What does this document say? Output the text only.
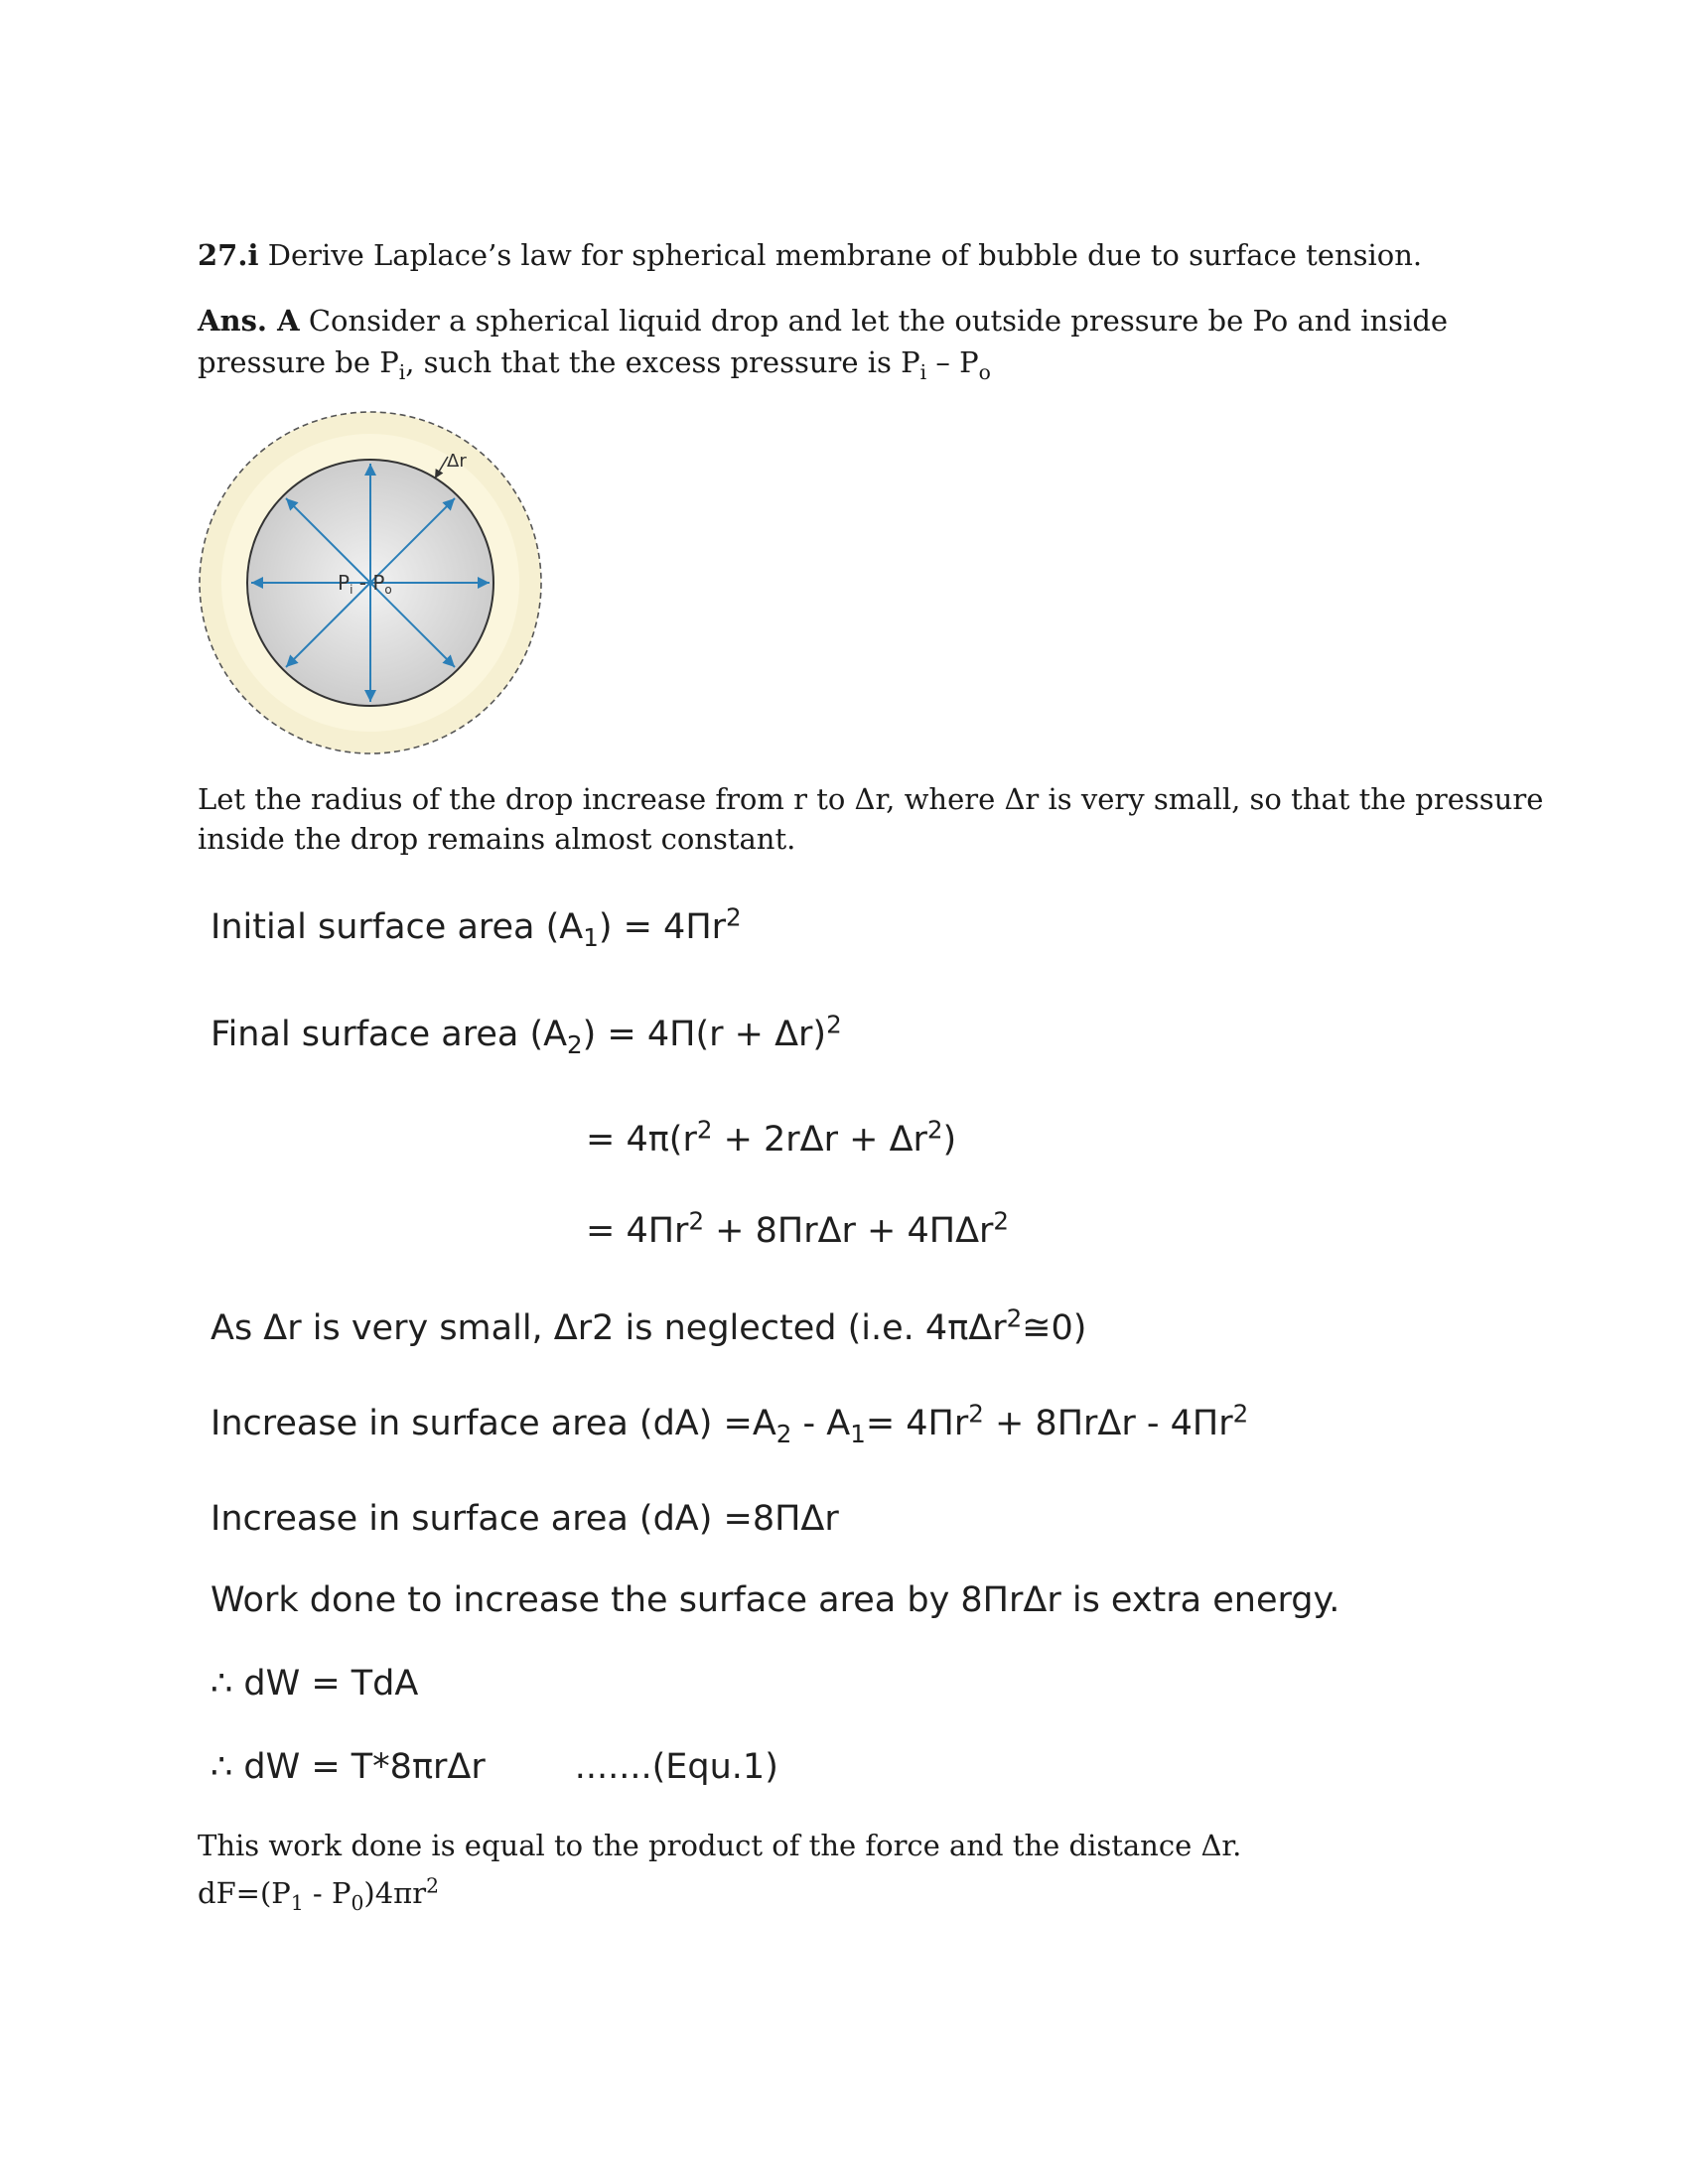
27.i Derive Laplace’s law for spherical membrane of bubble due to surface tension.
Ans. A Consider a spherical liquid drop and let the outside pressure be Po and inside
pressure be $P_i$, such that the excess pressure is $P_i - P_o$
Δr
$P_i - P_o$
Let the radius of the drop increase from r to Δr, where Δr is very small, so that the pressure
inside the drop remains almost constant.
Initial surface area $(A_1) = 4\Pi r^2$
Final surface area $(A_2) = 4\Pi(r + \Delta r)^2$
= $4\pi(r^2 + 2r\Delta r + \Delta r^2)$
= $4\Pi r^2 + 8\Pi r\Delta r + 4\Pi\Delta r^2$
As Δr is very small, Δr2 is neglected (i.e. 4πΔr$^2$≅0)
Increase in surface area $(dA) =A_2 - A_1= 4\Pi r^2 + 8\Pi r\Delta r - 4\Pi r^2$
Increase in surface area (dA) =8ΠΔr
Work done to increase the surface area by 8ΠrΔr is extra energy.
∴ dW = TdA
∴ dW = T*8πrΔr	.......(Equ.1)
This work done is equal to the product of the force and the distance Δr.
$dF=(P_1 - P_0)4\pi r^2$
